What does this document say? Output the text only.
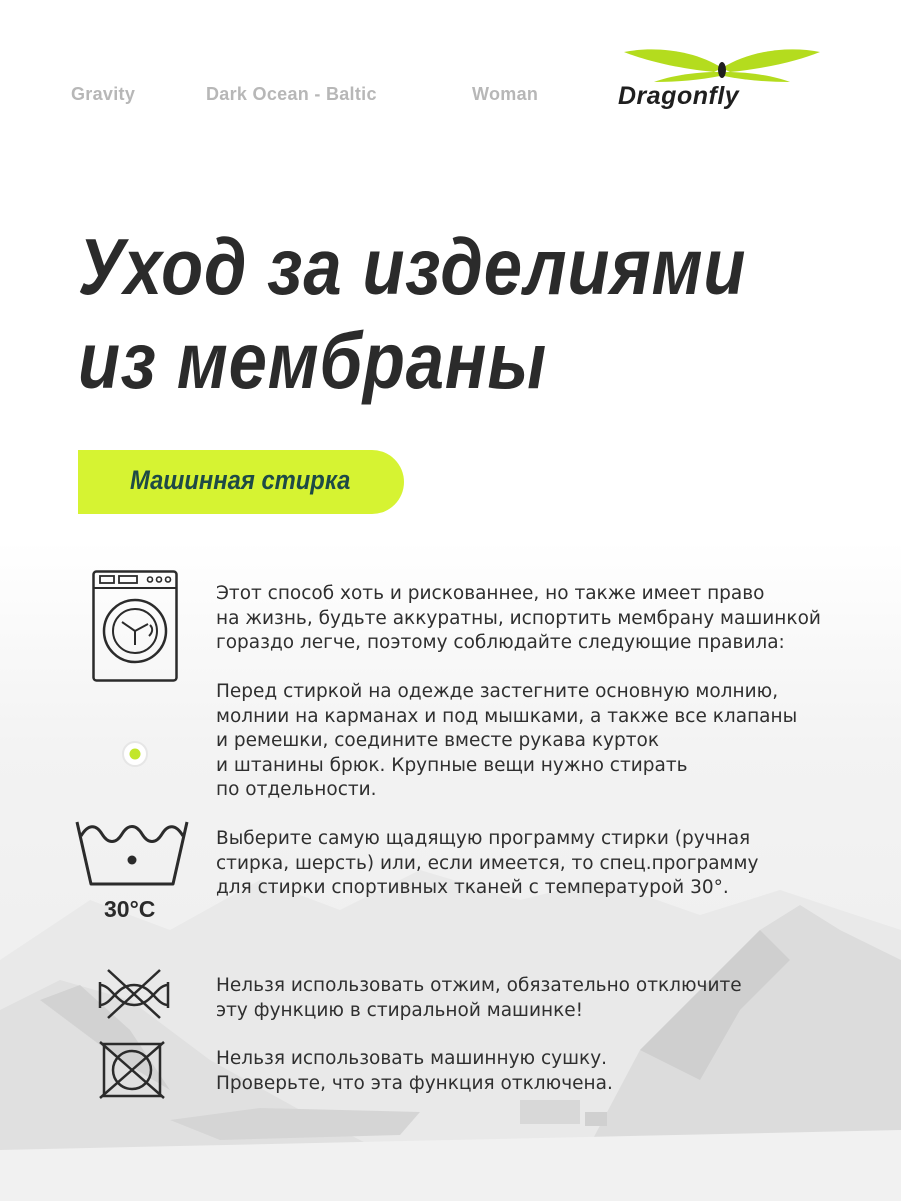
Gravity	Dark Ocean - Baltic	Woman	Dragonfly
Уход за изделиями
из мембраны
Машинная стирка
30°C

Этот способ хоть и рискованнее, но также имеет право
на жизнь, будьте аккуратны, испортить мембрану машинкой
гораздо легче, поэтому соблюдайте следующие правила:

Перед стиркой на одежде застегните основную молнию,
молнии на карманах и под мышками, а также все клапаны
и ремешки, соедините вместе рукава курток
и штанины брюк. Крупные вещи нужно стирать
по отдельности.

Выберите самую щадящую программу стирки (ручная
стирка, шерсть) или, если имеется, то спец.программу
для стирки спортивных тканей с температурой 30°.

Нельзя использовать отжим, обязательно отключите
эту функцию в стиральной машинке!

Нельзя использовать машинную сушку.
Проверьте, что эта функция отключена.
